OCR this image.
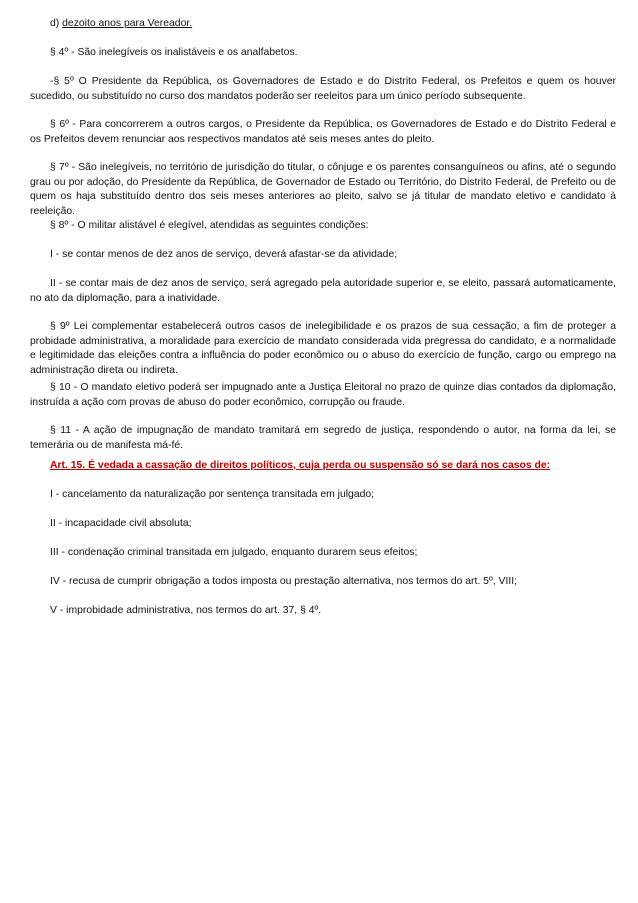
d) dezoito anos para Vereador.

§ 4º - São inelegíveis os inalistáveis e os analfabetos.

-§ 5º O Presidente da República, os Governadores de Estado e do Distrito Federal, os Prefeitos e quem os houver sucedido, ou substituído no curso dos mandatos poderão ser reeleitos para um único período subsequente.

§ 6º - Para concorrerem a outros cargos, o Presidente da República, os Governadores de Estado e do Distrito Federal e os Prefeitos devem renunciar aos respectivos mandatos até seis meses antes do pleito.

§ 7º - São inelegíveis, no território de jurisdição do titular, o cônjuge e os parentes consanguíneos ou afins, até o segundo grau ou por adoção, do Presidente da República, de Governador de Estado ou Território, do Distrito Federal, de Prefeito ou de quem os haja substituído dentro dos seis meses anteriores ao pleito, salvo se já titular de mandato eletivo e candidato à reeleição.

§ 8º - O militar alistável é elegível, atendidas as seguintes condições:

I - se contar menos de dez anos de serviço, deverá afastar-se da atividade;

II - se contar mais de dez anos de serviço, será agregado pela autoridade superior e, se eleito, passará automaticamente, no ato da diplomação, para a inatividade.

§ 9º Lei complementar estabelecerá outros casos de inelegibilidade e os prazos de sua cessação, a fim de proteger a probidade administrativa, a moralidade para exercício de mandato considerada vida pregressa do candidato, e a normalidade e legitimidade das eleições contra a influência do poder econômico ou o abuso do exercício de função, cargo ou emprego na administração direta ou indireta.

§ 10 - O mandato eletivo poderá ser impugnado ante a Justiça Eleitoral no prazo de quinze dias contados da diplomação, instruída a ação com provas de abuso do poder econômico, corrupção ou fraude.

§ 11 - A ação de impugnação de mandato tramitará em segredo de justiça, respondendo o autor, na forma da lei, se temerária ou de manifesta má-fé.

Art. 15. É vedada a cassação de direitos políticos, cuja perda ou suspensão só se dará nos casos de:

I - cancelamento da naturalização por sentença transitada em julgado;

II - incapacidade civil absoluta;

III - condenação criminal transitada em julgado, enquanto durarem seus efeitos;

IV - recusa de cumprir obrigação a todos imposta ou prestação alternativa, nos termos do art. 5º, VIII;

V - improbidade administrativa, nos termos do art. 37, § 4º.
